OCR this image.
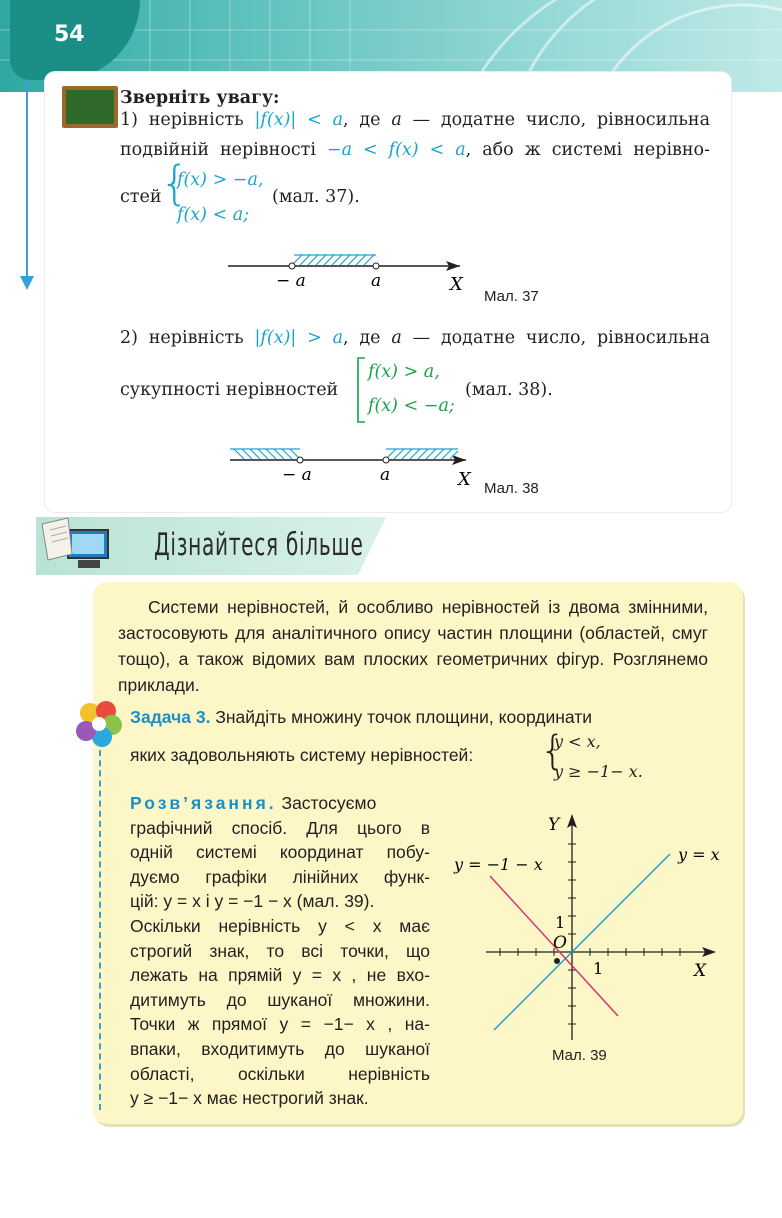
54
Зверніть увагу:
1) нерівність |f(x)| < a, де a — додатне число, рівносильна
подвійній нерівності −a < f(x) < a, або ж системі нерівно-
стей
{
f(x) > −a,
f(x) < a;
(мал. 37).
− a	a	X
Мал. 37
2) нерівність |f(x)| > a, де a — додатне число, рівносильна
сукупності нерівностей
f(x) > a,
f(x) < −a;
(мал. 38).
− a	a	X Мал. 38
Дізнайтеся більше
Системи нерівностей, й особливо нерівностей із двома змінними, застосовують для аналітичного опису частин площини (областей, смуг тощо), а також відомих вам плоских геометричних фігур. Розглянемо приклади.
Задача 3. Знайдіть множину точок площини, координати
яких задовольняють систему нерівностей: {
y < x,
y ≥ −1− x.
Розв’язання. Застосуємо
графічний спосіб. Для цього в
одній системі координат побу-
дуємо графіки лінійних функ-
цій: y = x і y = −1 − x (мал. 39).
Оскільки нерівність y < x має
строгий знак, то всі точки, що
лежать на прямій y = x , не вхо-
дитимуть до шуканої множини.
Точки ж прямої y = −1− x , на-
впаки, входитимуть до шуканої
області, оскільки нерівність
y ≥ −1− x має нестрогий знак.
Y
X
O
1
1
y = −1 − x
y = x
Мал. 39
